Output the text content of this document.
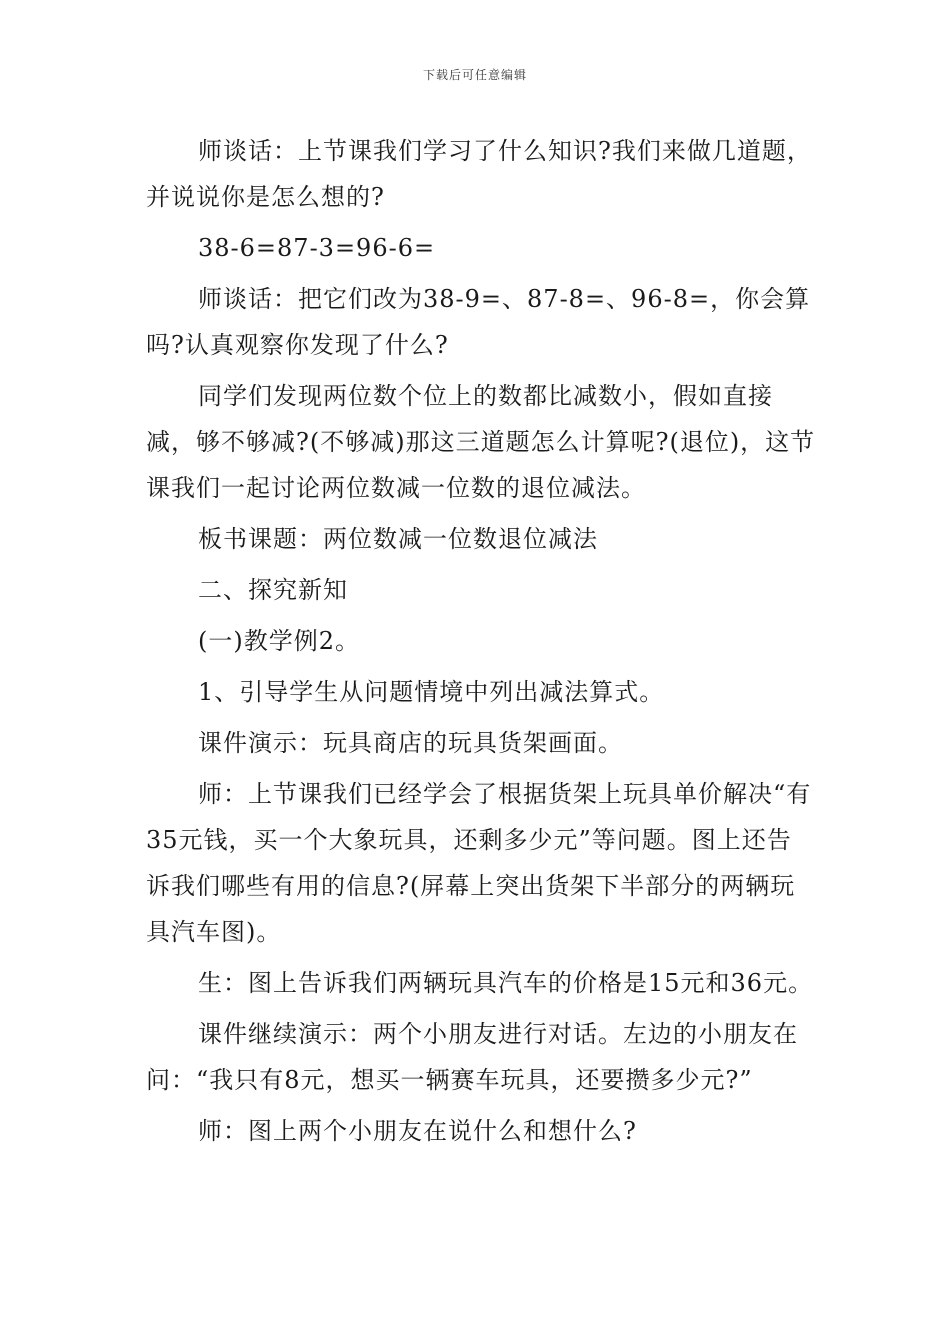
下载后可任意编辑

师谈话：上节课我们学习了什么知识?我们来做几道题，并说说你是怎么想的?

38-6=87-3=96-6=

师谈话：把它们改为38-9=、87-8=、96-8=，你会算吗?认真观察你发现了什么?

同学们发现两位数个位上的数都比减数小，假如直接减，够不够减?(不够减)那这三道题怎么计算呢?(退位)，这节课我们一起讨论两位数减一位数的退位减法。

板书课题：两位数减一位数退位减法

二、探究新知

(一)教学例2。

1、引导学生从问题情境中列出减法算式。

课件演示：玩具商店的玩具货架画面。

师：上节课我们已经学会了根据货架上玩具单价解决“有35元钱，买一个大象玩具，还剩多少元”等问题。图上还告诉我们哪些有用的信息?(屏幕上突出货架下半部分的两辆玩具汽车图)。

生：图上告诉我们两辆玩具汽车的价格是15元和36元。

课件继续演示：两个小朋友进行对话。左边的小朋友在问：“我只有8元，想买一辆赛车玩具，还要攒多少元?”

师：图上两个小朋友在说什么和想什么?
